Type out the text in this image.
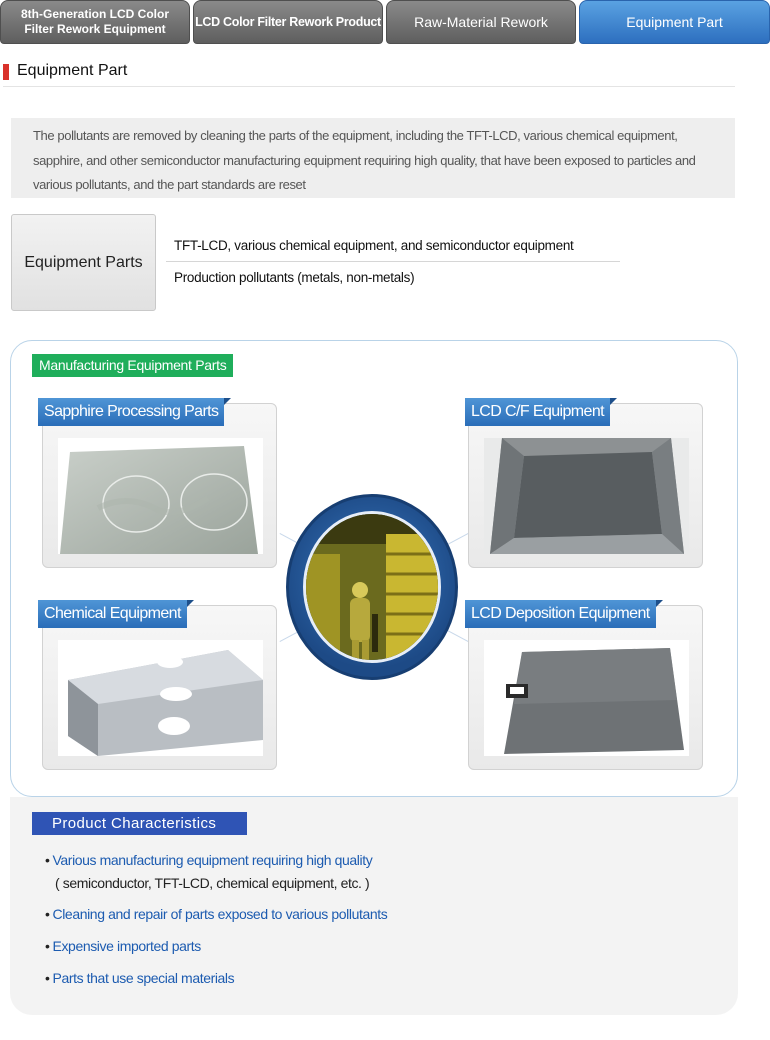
8th-Generation LCD Color
Filter Rework Equipment
LCD Color Filter Rework Product Raw-Material Rework	Equipment Part
Equipment Part
The pollutants are removed by cleaning the parts of the equipment, including the TFT-LCD, various chemical equipment, sapphire, and other semiconductor manufacturing equipment requiring high quality, that have been exposed to particles and various pollutants, and the part standards are reset
Equipment Parts
TFT-LCD, various chemical equipment, and semiconductor equipment
Production pollutants (metals, non-metals)
Manufacturing Equipment Parts
Sapphire Processing Parts	LCD C/F Equipment
Chemical Equipment	LCD Deposition Equipment
Product Characteristics
• Various manufacturing equipment requiring high quality
( semiconductor, TFT-LCD, chemical equipment, etc. )
• Cleaning and repair of parts exposed to various pollutants
• Expensive imported parts
• Parts that use special materials
